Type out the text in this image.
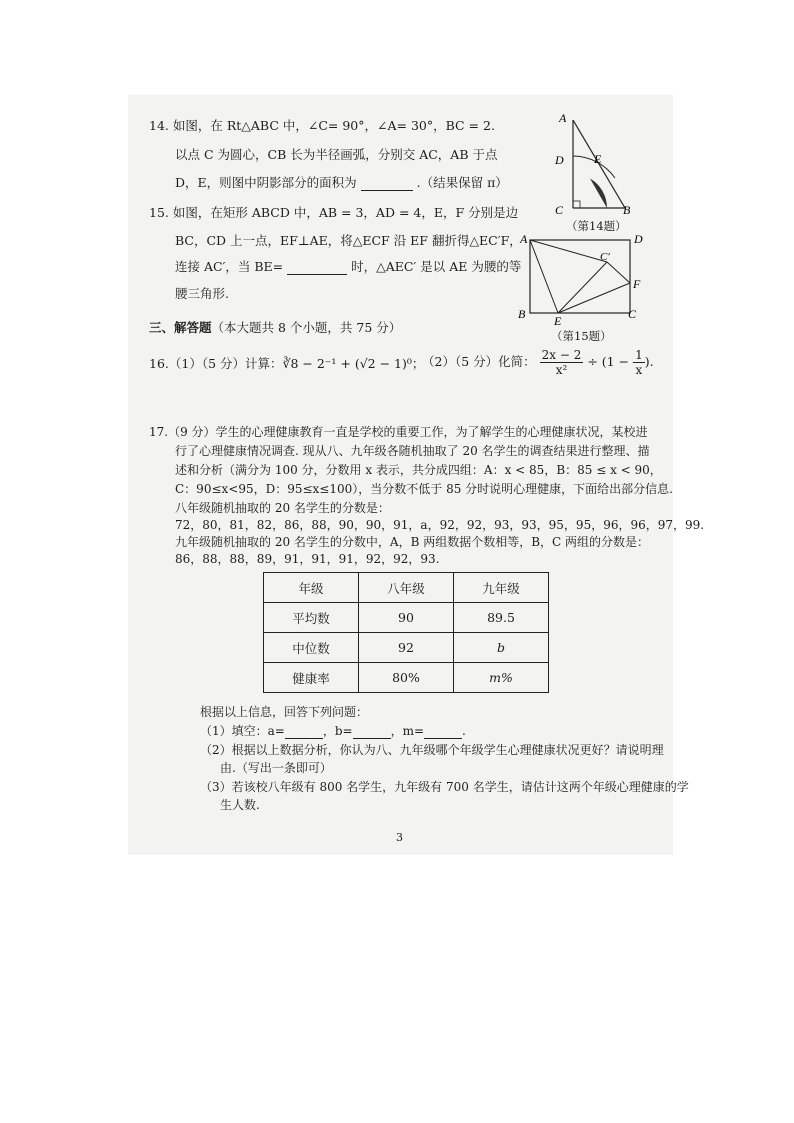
14. 如图，在 Rt△ABC 中，∠C= 90°，∠A= 30°，BC = 2.
以点 C 为圆心，CB 长为半径画弧，分别交 AC，AB 于点
D，E，则图中阴影部分的面积为	.（结果保留 π）
A
D	E
C	B
（第14题）
15. 如图，在矩形 ABCD 中，AB = 3，AD = 4，E，F 分别是边
BC，CD 上一点，EF⊥AE，将△ECF 沿 EF 翻折得△EC′F，
连接 AC′，当 BE=	时，△AEC′ 是以 AE 为腰的等
腰三角形.
A	D
C′
F
B E	C
（第15题）
三、解答题（本大题共 8 个小题，共 75 分）
16.（1）（5 分）计算：∛8 − 2⁻¹ + (√2 − 1)⁰；
（2）（5 分）化简： $\frac{2x - 2}{\text{x²}} \div (1 - \frac{1}{x}$ ).
17.（9 分）学生的心理健康教育一直是学校的重要工作，为了解学生的心理健康状况，某校进
行了心理健康情况调查. 现从八、九年级各随机抽取了 20 名学生的调查结果进行整理、描
述和分析（满分为 100 分，分数用 x 表示，共分成四组：A：x < 85，B：85 ≤ x < 90，
C：90≤x<95，D：95≤x≤100），当分数不低于 85 分时说明心理健康，下面给出部分信息.
八年级随机抽取的 20 名学生的分数是：
72，80，81，82，86，88，90，90，91，a，92，92，93，93，95，95，96，96，97，99.
九年级随机抽取的 20 名学生的分数中，A，B 两组数据个数相等，B，C 两组的分数是：
86，88，88，89，91，91，91，92，92，93.
年级	八年级	九年级
平均数	90	89.5
中位数	92	b
健康率	80%	m%
根据以上信息，回答下列问题：
（1）填空：a=	，b=	，m=	.
（2）根据以上数据分析，你认为八、九年级哪个年级学生心理健康状况更好？请说明理
由.（写出一条即可）
（3）若该校八年级有 800 名学生，九年级有 700 名学生，请估计这两个年级心理健康的学
生人数.
3
